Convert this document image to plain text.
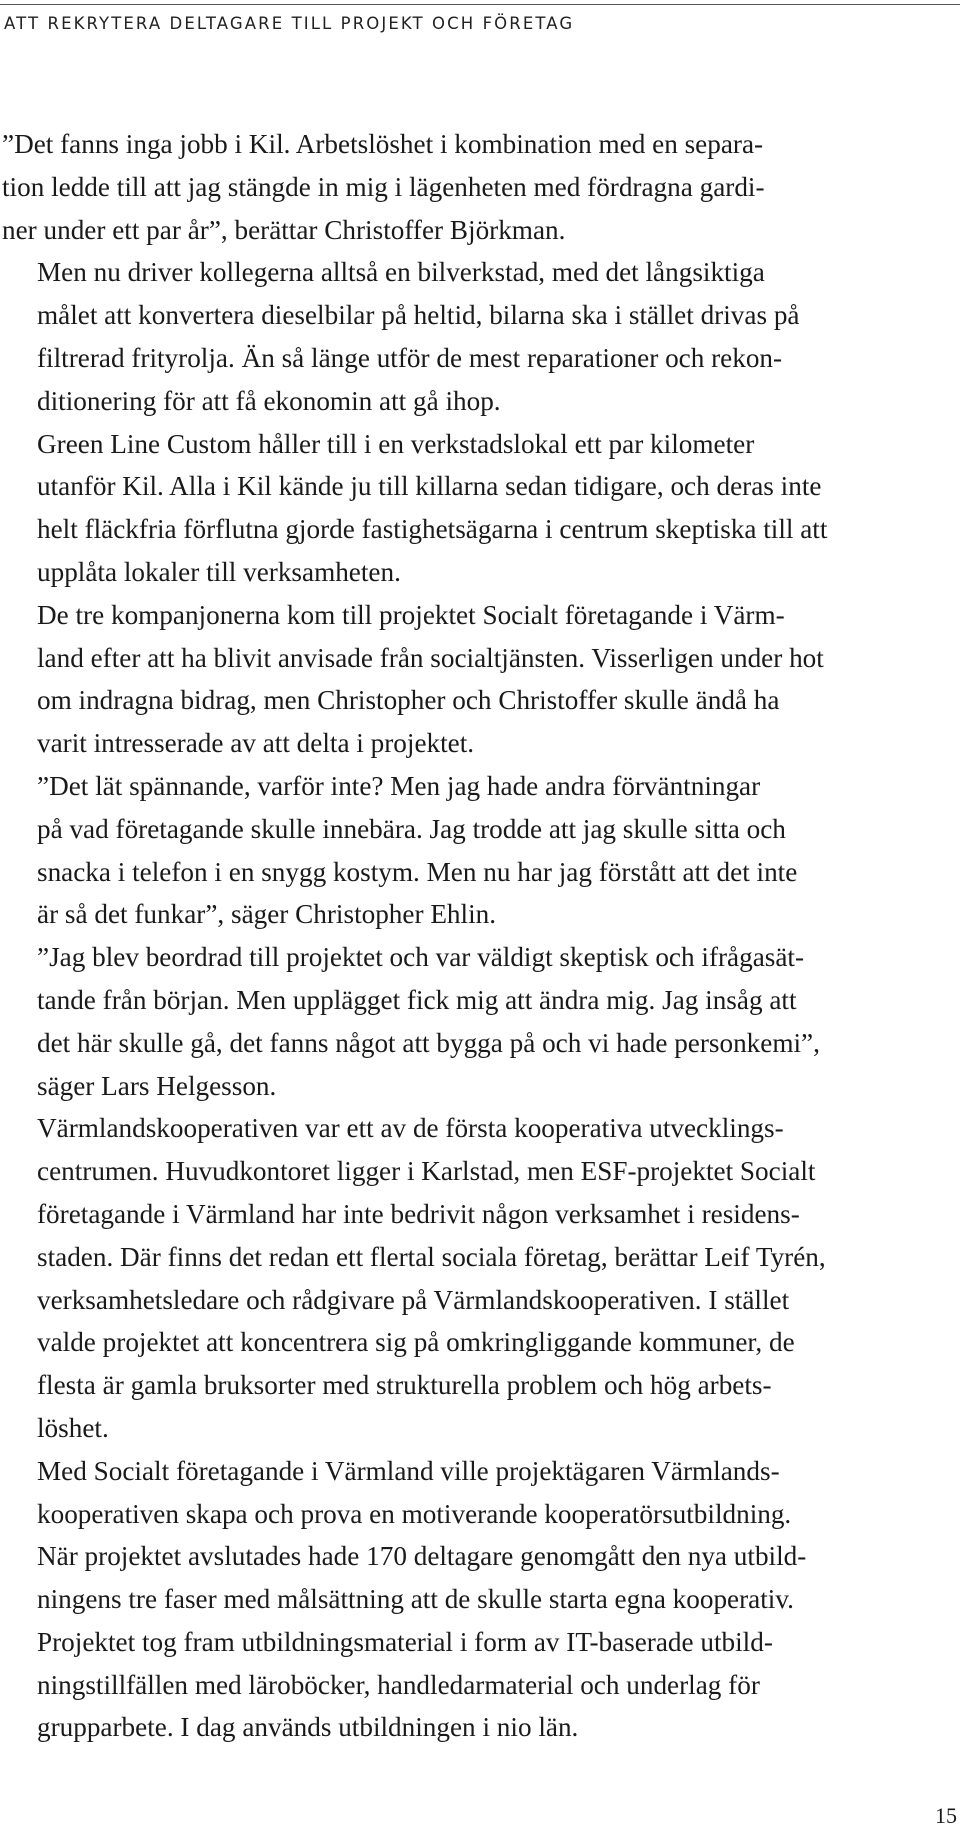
ATT REKRYTERA DELTAGARE TILL PROJEKT OCH FÖRETAG

”Det fanns inga jobb i Kil. Arbetslöshet i kombination med en separa-
tion ledde till att jag stängde in mig i lägenheten med fördragna gardi-
ner under ett par år”, berättar Christoffer Björkman.

Men nu driver kollegerna alltså en bilverkstad, med det långsiktiga
målet att konvertera dieselbilar på heltid, bilarna ska i stället drivas på
filtrerad frityrolja. Än så länge utför de mest reparationer och rekon-
ditionering för att få ekonomin att gå ihop.

Green Line Custom håller till i en verkstadslokal ett par kilometer
utanför Kil. Alla i Kil kände ju till killarna sedan tidigare, och deras inte
helt fläckfria förflutna gjorde fastighetsägarna i centrum skeptiska till att
upplåta lokaler till verksamheten.

De tre kompanjonerna kom till projektet Socialt företagande i Värm-
land efter att ha blivit anvisade från socialtjänsten. Visserligen under hot
om indragna bidrag, men Christopher och Christoffer skulle ändå ha
varit intresserade av att delta i projektet.

”Det lät spännande, varför inte? Men jag hade andra förväntningar
på vad företagande skulle innebära. Jag trodde att jag skulle sitta och
snacka i telefon i en snygg kostym. Men nu har jag förstått att det inte
är så det funkar”, säger Christopher Ehlin.

”Jag blev beordrad till projektet och var väldigt skeptisk och ifrågasät-
tande från början. Men upplägget fick mig att ändra mig. Jag insåg att
det här skulle gå, det fanns något att bygga på och vi hade personkemi”,
säger Lars Helgesson.

Värmlandskooperativen var ett av de första kooperativa utvecklings-
centrumen. Huvudkontoret ligger i Karlstad, men ESF-projektet Socialt
företagande i Värmland har inte bedrivit någon verksamhet i residens-
staden. Där finns det redan ett flertal sociala företag, berättar Leif Tyrén,
verksamhetsledare och rådgivare på Värmlandskooperativen. I stället
valde projektet att koncentrera sig på omkringliggande kommuner, de
flesta är gamla bruksorter med strukturella problem och hög arbets-
löshet.

Med Socialt företagande i Värmland ville projektägaren Värmlands-
kooperativen skapa och prova en motiverande kooperatörsutbildning.
När projektet avslutades hade 170 deltagare genomgått den nya utbild-
ningens tre faser med målsättning att de skulle starta egna kooperativ.
Projektet tog fram utbildningsmaterial i form av IT-baserade utbild-
ningstillfällen med läroböcker, handledarmaterial och underlag för
grupparbete. I dag används utbildningen i nio län.

15
